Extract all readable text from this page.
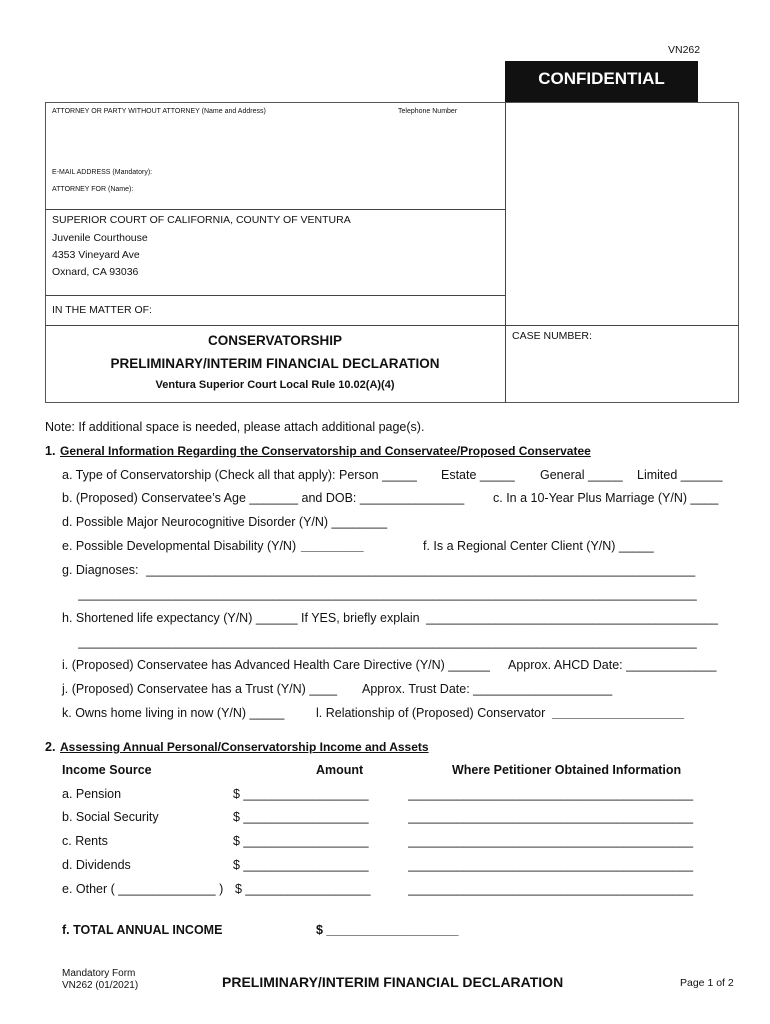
VN262
CONFIDENTIAL
ATTORNEY OR PARTY WITHOUT ATTORNEY (Name and Address)	Telephone Number
E-MAIL ADDRESS (Mandatory):
ATTORNEY FOR (Name):
SUPERIOR COURT OF CALIFORNIA, COUNTY OF VENTURA
Juvenile Courthouse
4353 Vineyard Ave
Oxnard, CA 93036
IN THE MATTER OF:
CONSERVATORSHIP
PRELIMINARY/INTERIM FINANCIAL DECLARATION
Ventura Superior Court Local Rule 10.02(A)(4)
CASE NUMBER:
Note: If additional space is needed, please attach additional page(s).
1. General Information Regarding the Conservatorship and Conservatee/Proposed Conservatee
a. Type of Conservatorship (Check all that apply): Person _____ Estate _____ General _____ Limited ______
b. (Proposed) Conservatee’s Age _______ and DOB: _______________ c. In a 10-Year Plus Marriage (Y/N) ____
d. Possible Major Neurocognitive Disorder (Y/N) ________
e. Possible Developmental Disability (Y/N) _________	f. Is a Regional Center Client (Y/N) _____
g. Diagnoses: _______________________________________________________________________________
_________________________________________________________________________________________
h. Shortened life expectancy (Y/N) ______ If YES, briefly explain __________________________________________
_________________________________________________________________________________________
i. (Proposed) Conservatee has Advanced Health Care Directive (Y/N) ______ Approx. AHCD Date: _____________
j. (Proposed) Conservatee has a Trust (Y/N) ____ Approx. Trust Date: ____________________
k. Owns home living in now (Y/N) _____	l. Relationship of (Proposed) Conservator ___________________
2. Assessing Annual Personal/Conservatorship Income and Assets
Income Source	Amount	Where Petitioner Obtained Information
a. Pension	$ __________________	_________________________________________
b. Social Security	$ __________________	_________________________________________
c. Rents	$ __________________	_________________________________________
d. Dividends	$ __________________	_________________________________________
e. Other ( ______________ ) $ __________________	_________________________________________
f. TOTAL ANNUAL INCOME	$ ___________________
Mandatory Form
VN262 (01/2021)	PRELIMINARY/INTERIM FINANCIAL DECLARATION	Page 1 of 2
